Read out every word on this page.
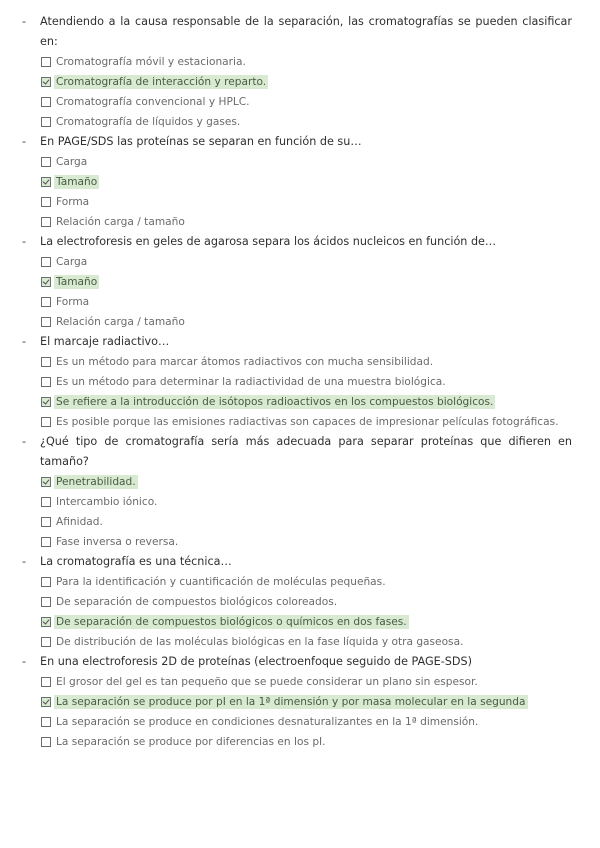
- Atendiendo a la causa responsable de la separación, las cromatografías se pueden clasificar en:
Cromatografía móvil y estacionaria.
Cromatografía de interacción y reparto.
Cromatografía convencional y HPLC.
Cromatografía de líquidos y gases.
- En PAGE/SDS las proteínas se separan en función de su…
Carga
Tamaño
Forma
Relación carga / tamaño
- La electroforesis en geles de agarosa separa los ácidos nucleicos en función de…
Carga
Tamaño
Forma
Relación carga / tamaño
- El marcaje radiactivo…
Es un método para marcar átomos radiactivos con mucha sensibilidad.
Es un método para determinar la radiactividad de una muestra biológica.
Se refiere a la introducción de isótopos radioactivos en los compuestos biológicos.
Es posible porque las emisiones radiactivas son capaces de impresionar películas fotográficas.
- ¿Qué tipo de cromatografía sería más adecuada para separar proteínas que difieren en tamaño?
Penetrabilidad.
Intercambio iónico.
Afinidad.
Fase inversa o reversa.
- La cromatografía es una técnica…
Para la identificación y cuantificación de moléculas pequeñas.
De separación de compuestos biológicos coloreados.
De separación de compuestos biológicos o químicos en dos fases.
De distribución de las moléculas biológicas en la fase líquida y otra gaseosa.
- En una electroforesis 2D de proteínas (electroenfoque seguido de PAGE-SDS)
El grosor del gel es tan pequeño que se puede considerar un plano sin espesor.
La separación se produce por pI en la 1ª dimensión y por masa molecular en la segunda
La separación se produce en condiciones desnaturalizantes en la 1ª dimensión.
La separación se produce por diferencias en los pI.
